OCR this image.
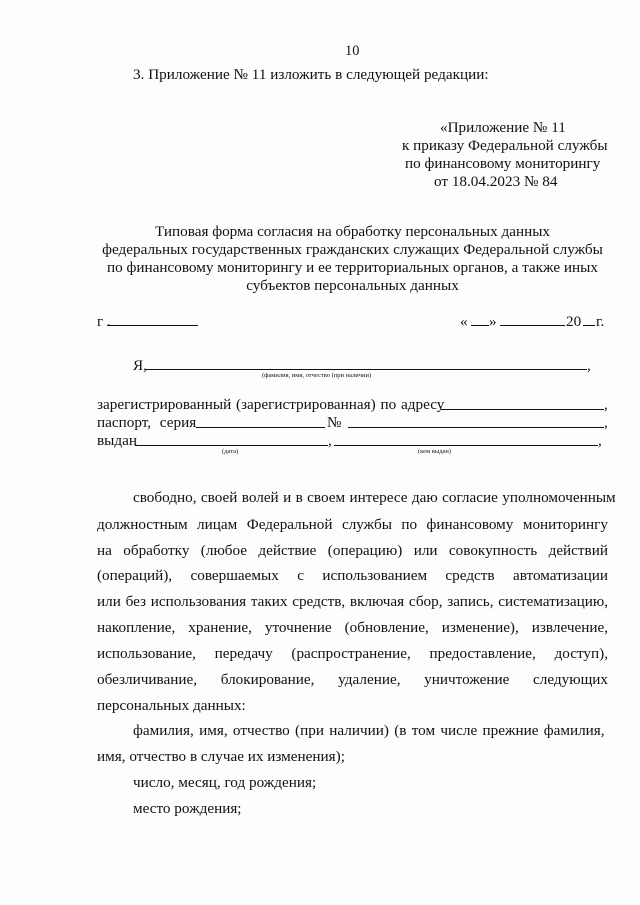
10
3. Приложение № 11 изложить в следующей редакции:
«Приложение № 11
к приказу Федеральной службы
по финансовому мониторингу
от 18.04.2023 № 84
Типовая форма согласия на обработку персональных данных
федеральных государственных гражданских служащих Федеральной службы
по финансовому мониторингу и ее территориальных органов, а также иных
субъектов персональных данных
г .	« »	20 г.
Я,	,
(фамилия, имя, отчество (при наличии)
зарегистрированный (зарегистрированная) по адресу	,
паспорт, серия	№	,
выдан	,	,
(дата)	(кем выдан)
свободно, своей волей и в своем интересе даю согласие уполномоченным
должностным лицам Федеральной службы по финансовому мониторингу
на обработку (любое действие (операцию) или совокупность действий
(операций), совершаемых с использованием средств автоматизации
или без использования таких средств, включая сбор, запись, систематизацию,
накопление, хранение, уточнение (обновление, изменение), извлечение,
использование, передачу (распространение, предоставление, доступ),
обезличивание, блокирование, удаление, уничтожение следующих
персональных данных:
фамилия, имя, отчество (при наличии) (в том числе прежние фамилия,
имя, отчество в случае их изменения);
число, месяц, год рождения;
место рождения;
